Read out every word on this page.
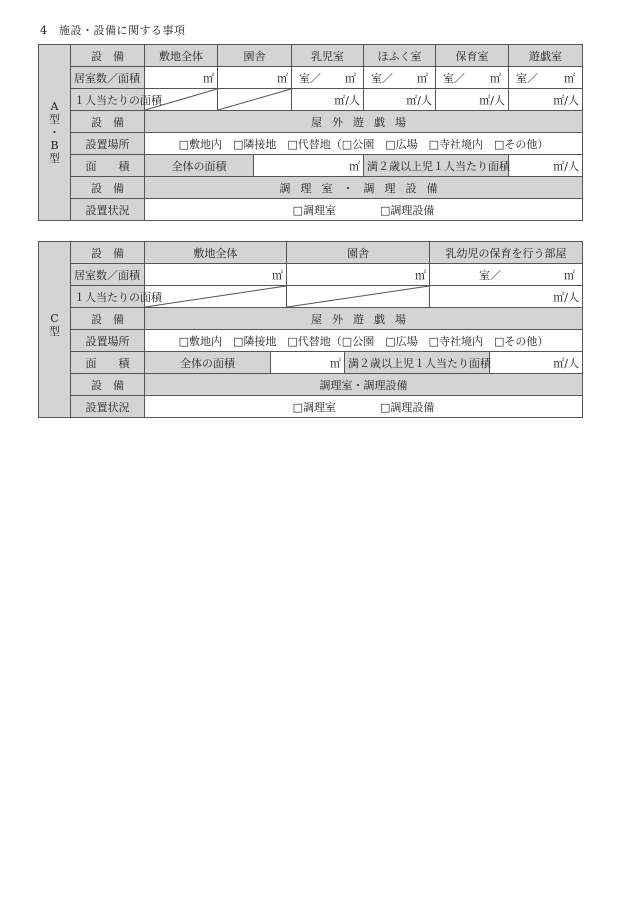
4　施設・設備に関する事項
A
型
・
B
型	設　備	敷地全体	園舎		乳児室	ほふく室	保育室	遊戯室
	居室数／面積	㎡	㎡		室／ ㎡	室／ ㎡	室／ ㎡	室／ ㎡

	１人当たりの面積				㎡/人	㎡/人	㎡/人	㎡/人
	設　備	屋外遊戯場						
	設置場所	□敷地内　□隣接地　□代替地（□公園　□広場　□寺社境内　□その他）						
	面　　積	全体の面積		㎡		満２歳以上児１人当たり面積		㎡/人
	設　備	調理室・調理設備						
	設置状況	□調理室　　　　□調理設備						
C
型	設　備	敷地全体		園舎		乳幼児の保育を行う部屋	
	居室数／面積	㎡		㎡		室／ ㎡	

	１人当たりの面積					㎡/人	
	設　備	屋外遊戯場					
	設置場所	□敷地内　□隣接地　□代替地（□公園　□広場　□寺社境内　□その他）					
	面　　積	全体の面積	㎡		満２歳以上児１人当たり面積		㎡/人
	設　備	調理室・調理設備					
	設置状況	□調理室　　　　□調理設備					
